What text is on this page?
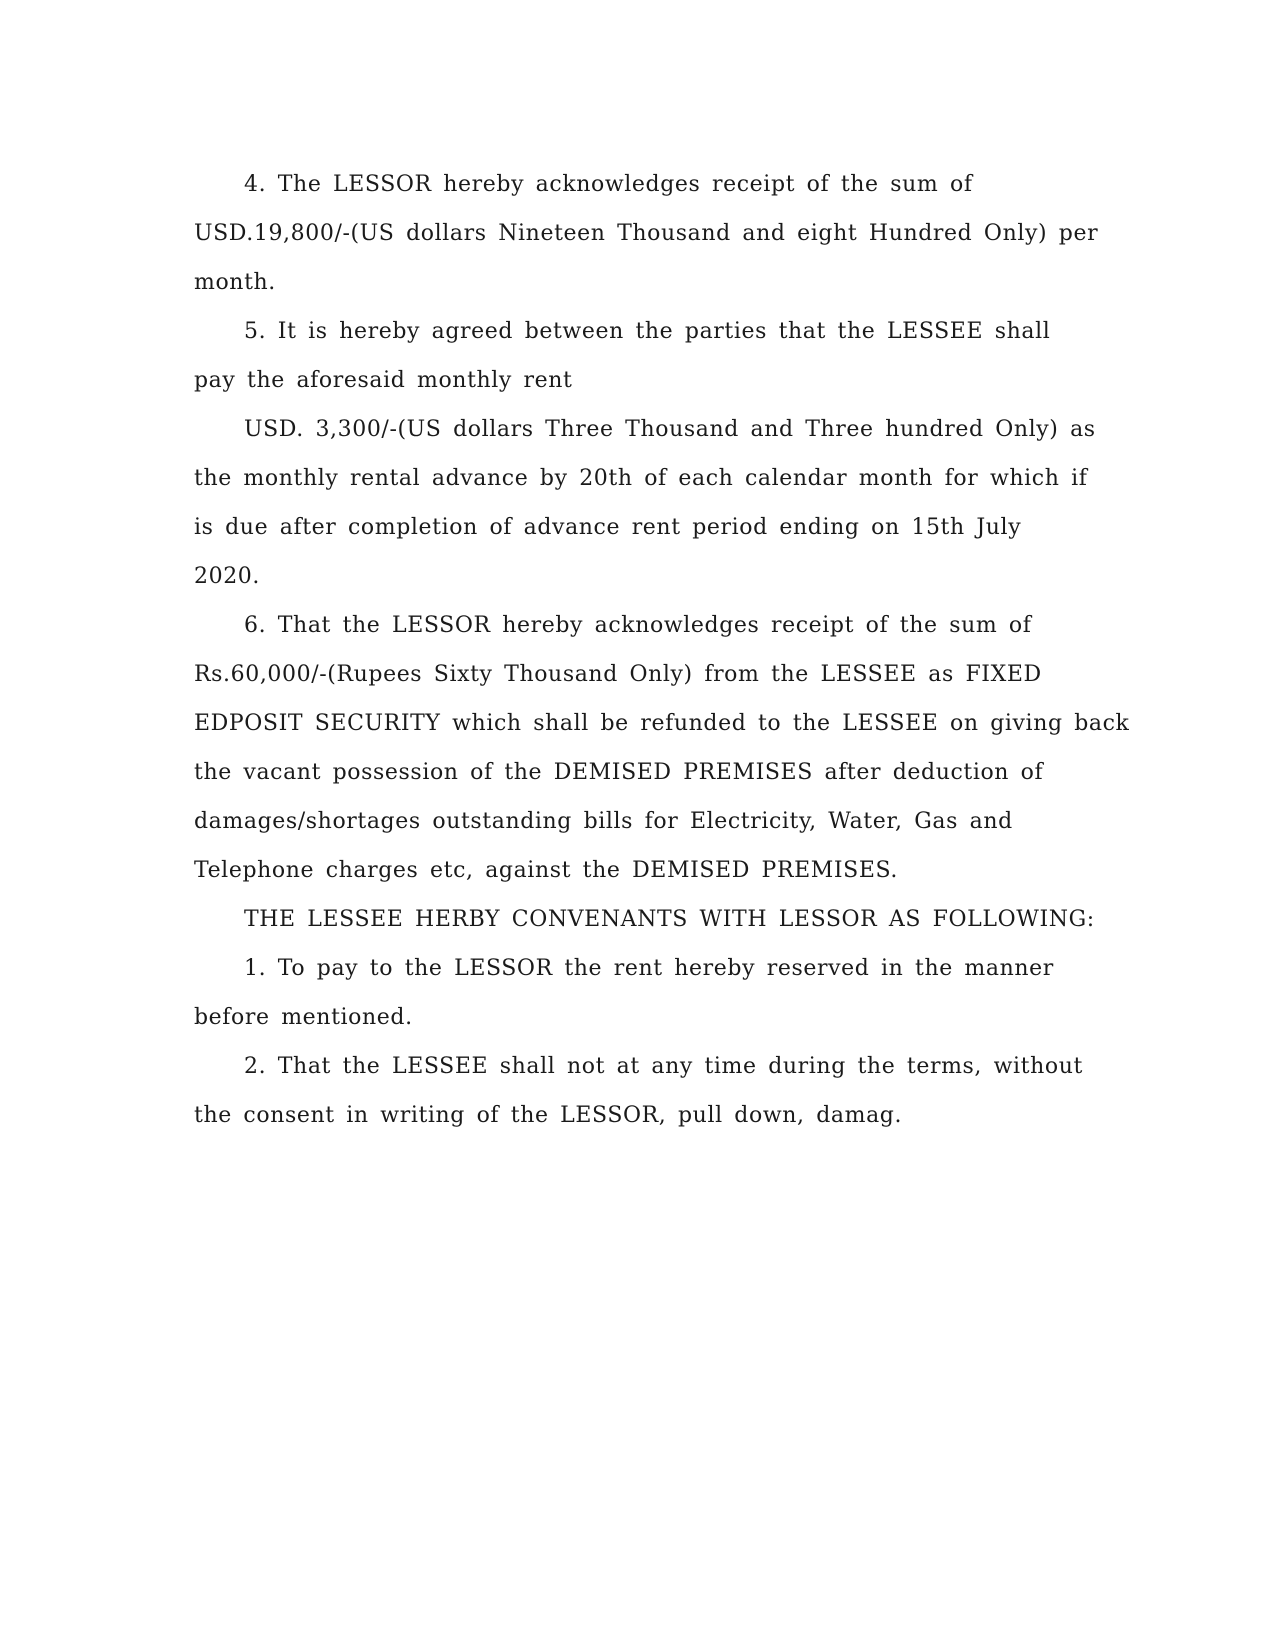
4. The LESSOR hereby acknowledges receipt of the sum of
USD.19,800/-(US dollars Nineteen Thousand and eight Hundred Only) per
month.
5. It is hereby agreed between the parties that the LESSEE shall
pay the aforesaid monthly rent
USD. 3,300/-(US dollars Three Thousand and Three hundred Only) as
the monthly rental advance by 20th of each calendar month for which if
is due after completion of advance rent period ending on 15th July
2020.
6. That the LESSOR hereby acknowledges receipt of the sum of
Rs.60,000/-(Rupees Sixty Thousand Only) from the LESSEE as FIXED
EDPOSIT SECURITY which shall be refunded to the LESSEE on giving back
the vacant possession of the DEMISED PREMISES after deduction of
damages/shortages outstanding bills for Electricity, Water, Gas and
Telephone charges etc, against the DEMISED PREMISES.
THE LESSEE HERBY CONVENANTS WITH LESSOR AS FOLLOWING:
1. To pay to the LESSOR the rent hereby reserved in the manner
before mentioned.
2. That the LESSEE shall not at any time during the terms, without
the consent in writing of the LESSOR, pull down, damag.
